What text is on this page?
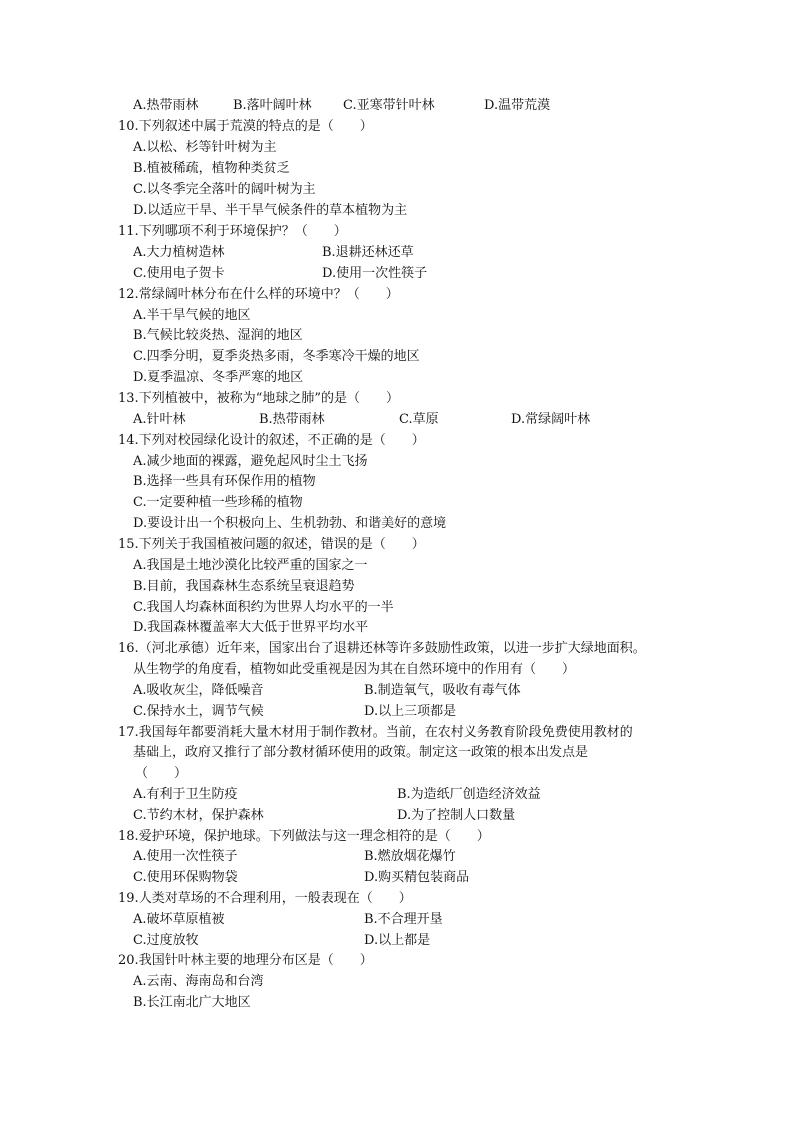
A.热带雨林	B.落叶阔叶林 C.亚寒带针叶林	D.温带荒漠
10.下列叙述中属于荒漠的特点的是（　　）
A.以松、杉等针叶树为主
B.植被稀疏，植物种类贫乏
C.以冬季完全落叶的阔叶树为主
D.以适应干旱、半干旱气候条件的草本植物为主
11.下列哪项不利于环境保护？（　　）
A.大力植树造林	B.退耕还林还草
C.使用电子贺卡	D.使用一次性筷子
12.常绿阔叶林分布在什么样的环境中？（　　）
A.半干旱气候的地区
B.气候比较炎热、湿润的地区
C.四季分明，夏季炎热多雨，冬季寒冷干燥的地区
D.夏季温凉、冬季严寒的地区
13.下列植被中，被称为“地球之肺”的是（　　）
A.针叶林	B.热带雨林	C.草原	D.常绿阔叶林
14.下列对校园绿化设计的叙述，不正确的是（　　）
A.减少地面的裸露，避免起风时尘土飞扬
B.选择一些具有环保作用的植物
C.一定要种植一些珍稀的植物
D.要设计出一个积极向上、生机勃勃、和谐美好的意境
15.下列关于我国植被问题的叙述，错误的是（　　）
A.我国是土地沙漠化比较严重的国家之一
B.目前，我国森林生态系统呈衰退趋势
C.我国人均森林面积约为世界人均水平的一半
D.我国森林覆盖率大大低于世界平均水平
16.（河北承德）近年来，国家出台了退耕还林等许多鼓励性政策，以进一步扩大绿地面积。
从生物学的角度看，植物如此受重视是因为其在自然环境中的作用有（　　）
A.吸收灰尘，降低噪音	B.制造氧气，吸收有毒气体
C.保持水土，调节气候	D.以上三项都是
17.我国每年都要消耗大量木材用于制作教材。当前，在农村义务教育阶段免费使用教材的
基础上，政府又推行了部分教材循环使用的政策。制定这一政策的根本出发点是
（　　）
A.有利于卫生防疫	B.为造纸厂创造经济效益
C.节约木材，保护森林	D.为了控制人口数量
18.爱护环境，保护地球。下列做法与这一理念相符的是（　　）
A.使用一次性筷子	B.燃放烟花爆竹
C.使用环保购物袋	D.购买精包装商品
19.人类对草场的不合理利用，一般表现在（　　）
A.破坏草原植被	B.不合理开垦
C.过度放牧	D.以上都是
20.我国针叶林主要的地理分布区是（　　）
A.云南、海南岛和台湾
B.长江南北广大地区
